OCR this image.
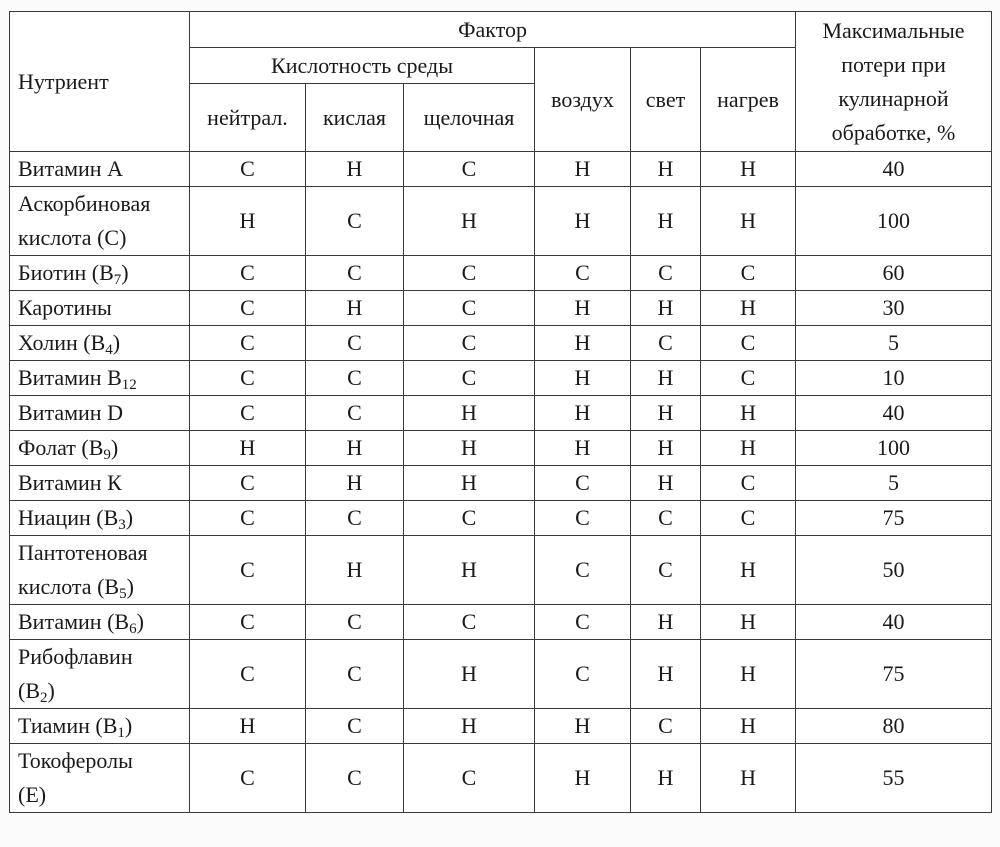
Нутриент	Фактор						Максимальные
потери при
кулинарной
обработке, %
	Кислотность среды			воздух	свет	нагрев	
	нейтрал.	кислая	щелочная				
Витамин А	С	Н	С	Н	Н	Н	40
Аскорбиновая
кислота (С)	Н	С	Н	Н	Н	Н	100
Биотин $(В_7)$	С	С	С	С	С	С	60
Каротины	С	Н	С	Н	Н	Н	30
Холин $(В_4)$	С	С	С	Н	С	С	5
Витамин $В_{12}$	С	С	С	Н	Н	С	10
Витамин D	С	С	Н	Н	Н	Н	40
Фолат $(В_9)$	Н	Н	Н	Н	Н	Н	100
Витамин К	С	Н	Н	С	Н	С	5
Ниацин $(В_3)$	С	С	С	С	С	С	75
Пантотеновая
кислота $(В_5)$	С	Н	Н	С	С	Н	50
Витамин $(В_6)$	С	С	С	С	Н	Н	40
Рибофлавин
$(В_2)$	С	С	Н	С	Н	Н	75
Тиамин $(В_1)$	Н	С	Н	Н	С	Н	80
Токоферолы
(Е)	С	С	С	Н	Н	Н	55
